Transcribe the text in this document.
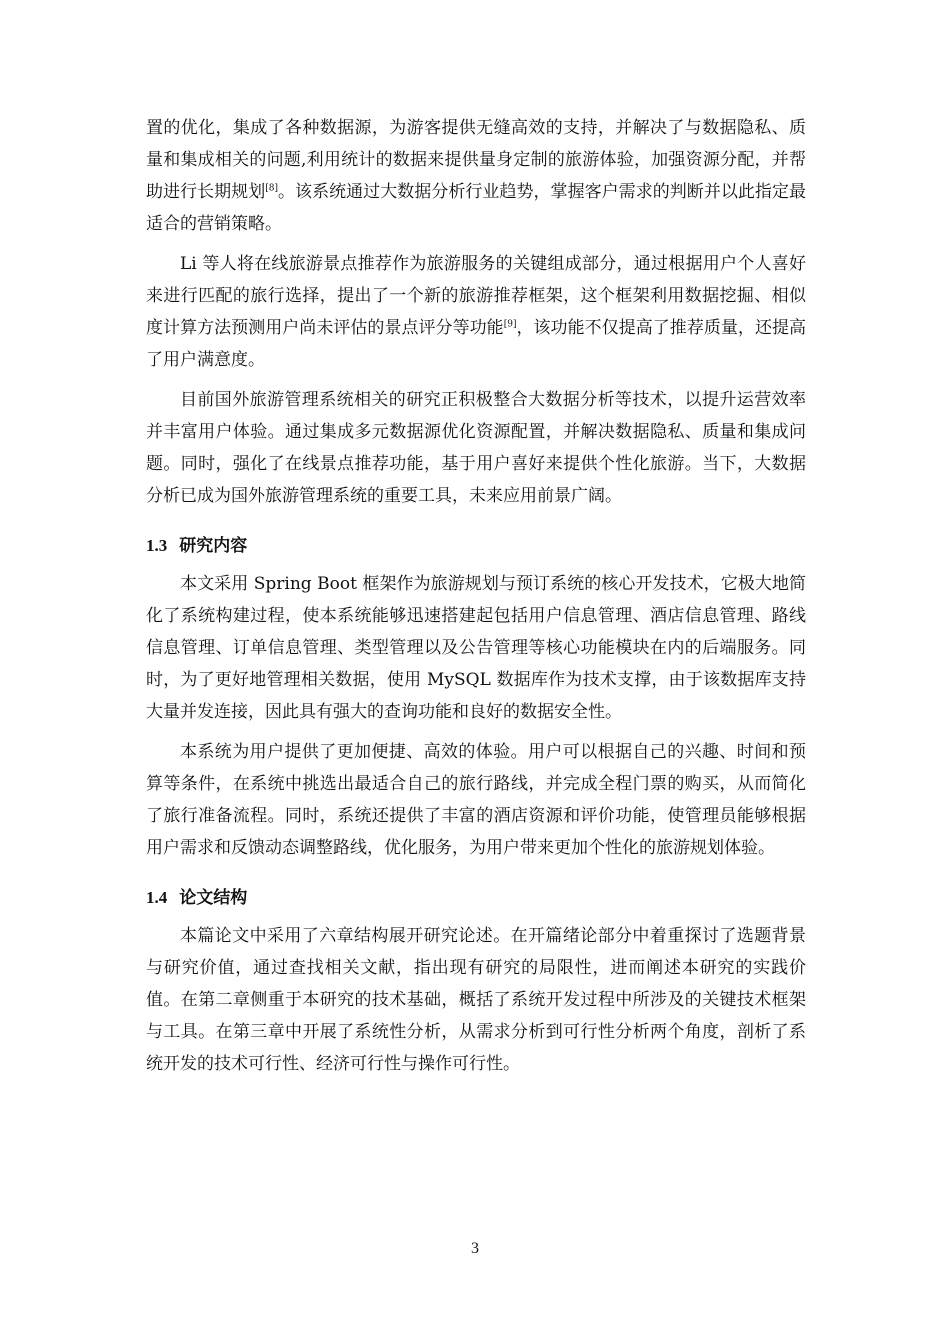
置的优化，集成了各种数据源，为游客提供无缝高效的支持，并解决了与数据隐私、质量和集成相关的问题,利用统计的数据来提供量身定制的旅游体验，加强资源分配，并帮助进行长期规划[8]。该系统通过大数据分析行业趋势，掌握客户需求的判断并以此指定最适合的营销策略。

Li 等人将在线旅游景点推荐作为旅游服务的关键组成部分，通过根据用户个人喜好来进行匹配的旅行选择，提出了一个新的旅游推荐框架，这个框架利用数据挖掘、相似度计算方法预测用户尚未评估的景点评分等功能[9]，该功能不仅提高了推荐质量，还提高了用户满意度。

目前国外旅游管理系统相关的研究正积极整合大数据分析等技术，以提升运营效率并丰富用户体验。通过集成多元数据源优化资源配置，并解决数据隐私、质量和集成问题。同时，强化了在线景点推荐功能，基于用户喜好来提供个性化旅游。当下，大数据分析已成为国外旅游管理系统的重要工具，未来应用前景广阔。

1.3 研究内容

本文采用 Spring Boot 框架作为旅游规划与预订系统的核心开发技术，它极大地简化了系统构建过程，使本系统能够迅速搭建起包括用户信息管理、酒店信息管理、路线信息管理、订单信息管理、类型管理以及公告管理等核心功能模块在内的后端服务。同时，为了更好地管理相关数据，使用 MySQL 数据库作为技术支撑，由于该数据库支持大量并发连接，因此具有强大的查询功能和良好的数据安全性。

本系统为用户提供了更加便捷、高效的体验。用户可以根据自己的兴趣、时间和预算等条件，在系统中挑选出最适合自己的旅行路线，并完成全程门票的购买，从而简化了旅行准备流程。同时，系统还提供了丰富的酒店资源和评价功能，使管理员能够根据用户需求和反馈动态调整路线，优化服务，为用户带来更加个性化的旅游规划体验。

1.4 论文结构

本篇论文中采用了六章结构展开研究论述。在开篇绪论部分中着重探讨了选题背景与研究价值，通过查找相关文献，指出现有研究的局限性，进而阐述本研究的实践价值。在第二章侧重于本研究的技术基础，概括了系统开发过程中所涉及的关键技术框架与工具。在第三章中开展了系统性分析，从需求分析到可行性分析两个角度，剖析了系统开发的技术可行性、经济可行性与操作可行性。

3
